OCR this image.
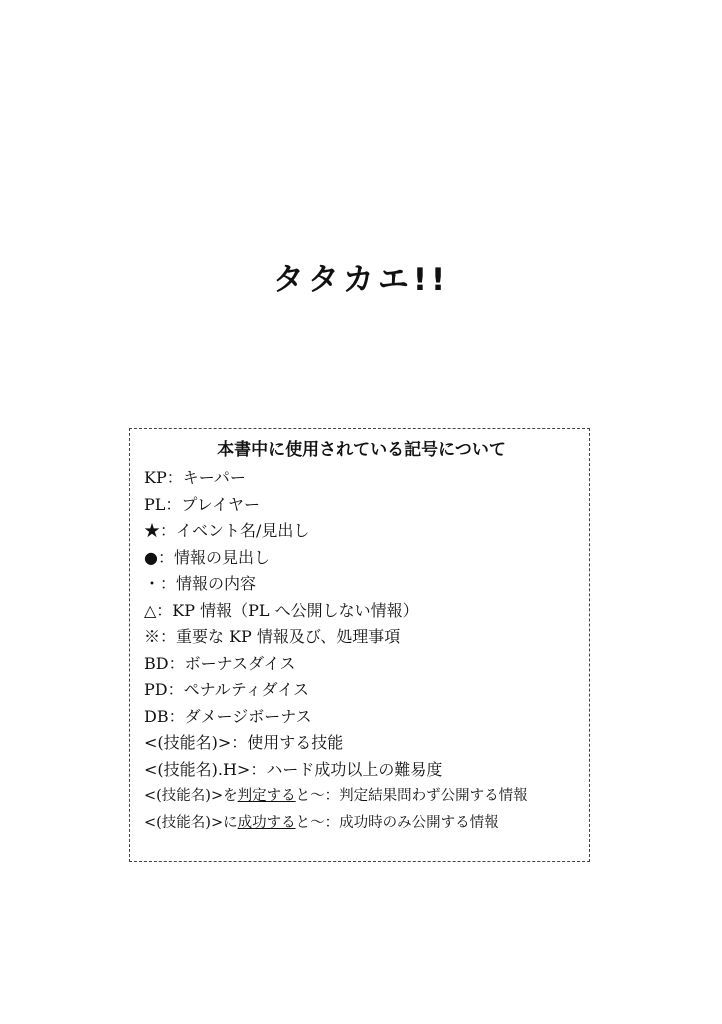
タタカエ!!
本書中に使用されている記号について
KP：キーパー
PL：プレイヤー
★：イベント名/見出し
●：情報の見出し
・：情報の内容
△：KP 情報（PL へ公開しない情報）
※：重要な KP 情報及び、処理事項
BD：ボーナスダイス
PD：ペナルティダイス
DB：ダメージボーナス
<(技能名)>：使用する技能
<(技能名).H>：ハード成功以上の難易度
<(技能名)>を判定すると～：判定結果問わず公開する情報
<(技能名)>に成功すると～：成功時のみ公開する情報
